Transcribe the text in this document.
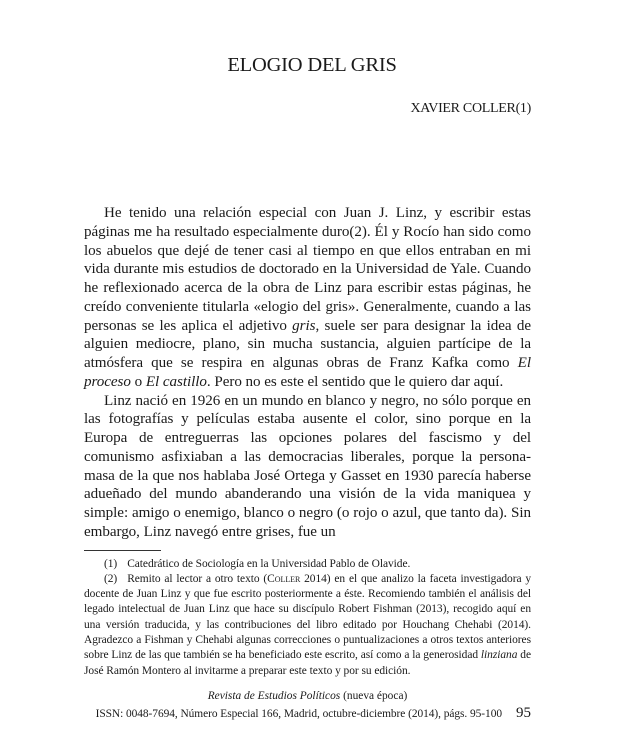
ELOGIO DEL GRIS
XAVIER COLLER(1)

He tenido una relación especial con Juan J. Linz, y escribir estas páginas me ha resultado especialmente duro(2). Él y Rocío han sido como los abuelos que dejé de tener casi al tiempo en que ellos entraban en mi vida durante mis estudios de doctorado en la Universidad de Yale. Cuando he reflexionado acerca de la obra de Linz para escribir estas páginas, he creído conveniente titularla «elogio del gris». Generalmente, cuando a las personas se les aplica el adjetivo gris, suele ser para designar la idea de alguien mediocre, plano, sin mucha sustancia, alguien partícipe de la atmósfera que se respira en algunas obras de Franz Kafka como El proceso o El castillo. Pero no es este el sentido que le quiero dar aquí.

Linz nació en 1926 en un mundo en blanco y negro, no sólo porque en las fotografías y películas estaba ausente el color, sino porque en la Europa de entreguerras las opciones polares del fascismo y del comunismo asfixiaban a las democracias liberales, porque la persona-masa de la que nos hablaba José Ortega y Gasset en 1930 parecía haberse adueñado del mundo abanderando una visión de la vida maniquea y simple: amigo o enemigo, blanco o negro (o rojo o azul, que tanto da). Sin embargo, Linz navegó entre grises, fue un

(1) Catedrático de Sociología en la Universidad Pablo de Olavide.

(2) Remito al lector a otro texto (Coller 2014) en el que analizo la faceta investigadora y docente de Juan Linz y que fue escrito posteriormente a éste. Recomiendo también el análisis del legado intelectual de Juan Linz que hace su discípulo Robert Fishman (2013), recogido aquí en una versión traducida, y las contribuciones del libro editado por Houchang Chehabi (2014). Agradezco a Fishman y Chehabi algunas correcciones o puntualizaciones a otros textos anteriores sobre Linz de las que también se ha beneficiado este escrito, así como a la generosidad linziana de José Ramón Montero al invitarme a preparar este texto y por su edición.

Revista de Estudios Políticos (nueva época)
ISSN: 0048-7694, Número Especial 166, Madrid, octubre-diciembre (2014), págs. 95-100 95
